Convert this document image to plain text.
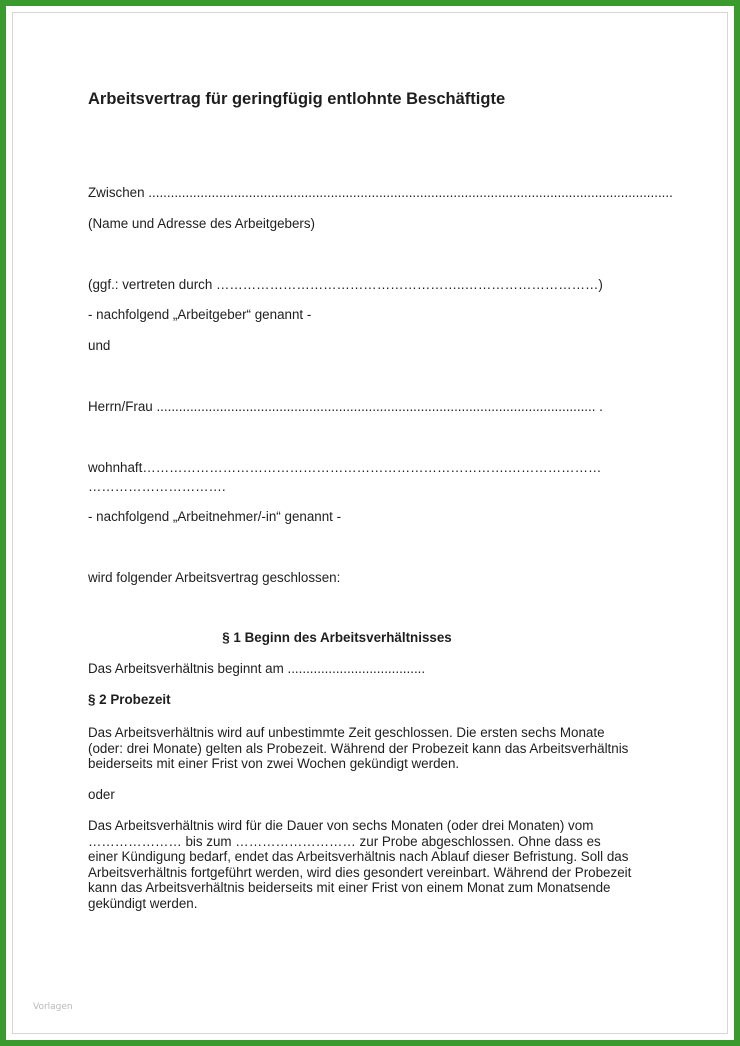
Arbeitsvertrag für geringfügig entlohnte Beschäftigte
Zwischen .............................................................................................................................................
(Name und Adresse des Arbeitgebers)
(ggf.: vertreten durch ………………………………………………..…………………………)
- nachfolgend „Arbeitgeber“ genannt -
und
Herrn/Frau ...................................................................................................................... .
wohnhaft……………………………………………………………………….…………………
………………………….
- nachfolgend „Arbeitnehmer/-in“ genannt -
wird folgender Arbeitsvertrag geschlossen:
§ 1 Beginn des Arbeitsverhältnisses
Das Arbeitsverhältnis beginnt am .....................................
§ 2 Probezeit
Das Arbeitsverhältnis wird auf unbestimmte Zeit geschlossen. Die ersten sechs Monate
(oder: drei Monate) gelten als Probezeit. Während der Probezeit kann das Arbeitsverhältnis
beiderseits mit einer Frist von zwei Wochen gekündigt werden.
oder
Das Arbeitsverhältnis wird für die Dauer von sechs Monaten (oder drei Monaten) vom
………………… bis zum ……………………… zur Probe abgeschlossen. Ohne dass es
einer Kündigung bedarf, endet das Arbeitsverhältnis nach Ablauf dieser Befristung. Soll das
Arbeitsverhältnis fortgeführt werden, wird dies gesondert vereinbart. Während der Probezeit
kann das Arbeitsverhältnis beiderseits mit einer Frist von einem Monat zum Monatsende
gekündigt werden.
Vorlagen
